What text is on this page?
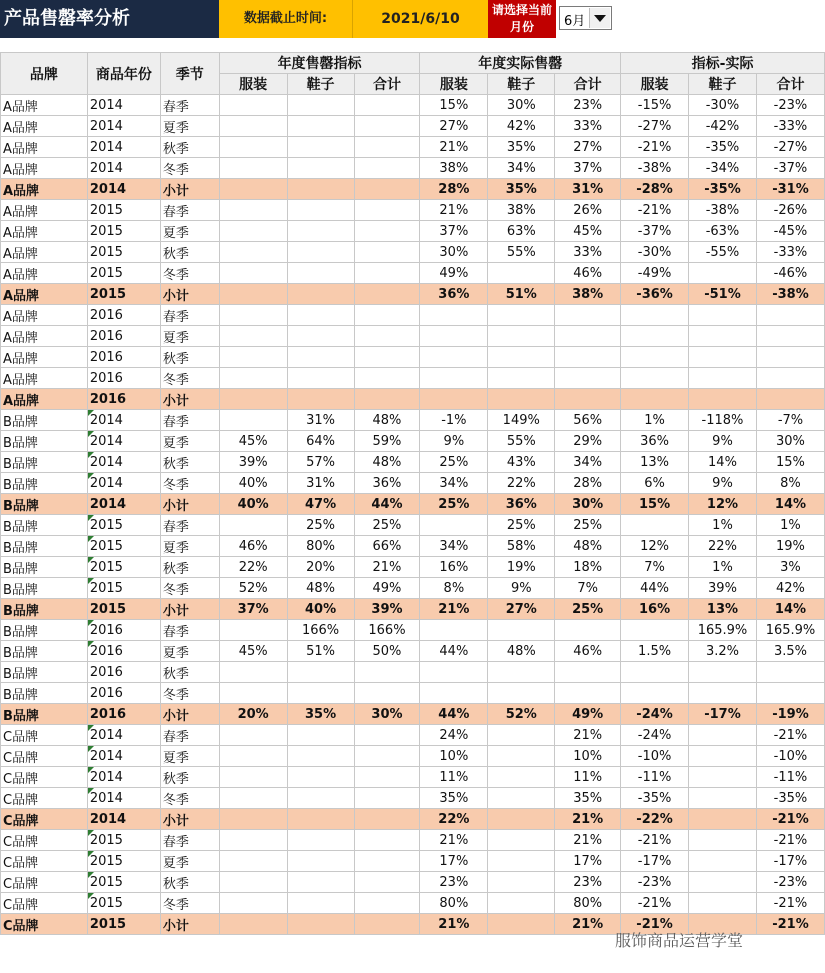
产品售罄率分析	数据截止时间:	2021/6/10
请选择当前月份	6月
品牌	商品年份	季节	年度售罄指标			年度实际售罄			指标-实际		
			服装	鞋子	合计	服装	鞋子	合计	服装	鞋子	合计
A品牌	2014	春季				15%	30%	23%	-15%	-30%	-23%
A品牌	2014	夏季				27%	42%	33%	-27%	-42%	-33%
A品牌	2014	秋季				21%	35%	27%	-21%	-35%	-27%
A品牌	2014	冬季				38%	34%	37%	-38%	-34%	-37%
A品牌	2014	小计				28%	35%	31%	-28%	-35%	-31%
A品牌	2015	春季				21%	38%	26%	-21%	-38%	-26%
A品牌	2015	夏季				37%	63%	45%	-37%	-63%	-45%
A品牌	2015	秋季				30%	55%	33%	-30%	-55%	-33%
A品牌	2015	冬季				49%		46%	-49%		-46%
A品牌	2015	小计				36%	51%	38%	-36%	-51%	-38%
A品牌	2016	春季									
A品牌	2016	夏季									
A品牌	2016	秋季									
A品牌	2016	冬季									
A品牌	2016	小计									
B品牌	2014	春季		31%	48%	-1%	149%	56%	1%	-118%	-7%
B品牌	2014	夏季	45%	64%	59%	9%	55%	29%	36%	9%	30%
B品牌	2014	秋季	39%	57%	48%	25%	43%	34%	13%	14%	15%
B品牌	2014	冬季	40%	31%	36%	34%	22%	28%	6%	9%	8%
B品牌	2014	小计	40%	47%	44%	25%	36%	30%	15%	12%	14%
B品牌	2015	春季		25%	25%		25%	25%		1%	1%
B品牌	2015	夏季	46%	80%	66%	34%	58%	48%	12%	22%	19%
B品牌	2015	秋季	22%	20%	21%	16%	19%	18%	7%	1%	3%
B品牌	2015	冬季	52%	48%	49%	8%	9%	7%	44%	39%	42%
B品牌	2015	小计	37%	40%	39%	21%	27%	25%	16%	13%	14%
B品牌	2016	春季		166%	166%					165.9%	165.9%
B品牌	2016	夏季	45%	51%	50%	44%	48%	46%	1.5%	3.2%	3.5%
B品牌	2016	秋季									
B品牌	2016	冬季									
B品牌	2016	小计	20%	35%	30%	44%	52%	49%	-24%	-17%	-19%
C品牌	2014	春季				24%		21%	-24%		-21%
C品牌	2014	夏季				10%		10%	-10%		-10%
C品牌	2014	秋季				11%		11%	-11%		-11%
C品牌	2014	冬季				35%		35%	-35%		-35%
C品牌	2014	小计				22%		21%	-22%		-21%
C品牌	2015	春季				21%		21%	-21%		-21%
C品牌	2015	夏季				17%		17%	-17%		-17%
C品牌	2015	秋季				23%		23%	-23%		-23%
C品牌	2015	冬季				80%		80%	-21%		-21%
C品牌	2015	小计				21%		21%	-21%		-21%
服饰商品运营学堂
